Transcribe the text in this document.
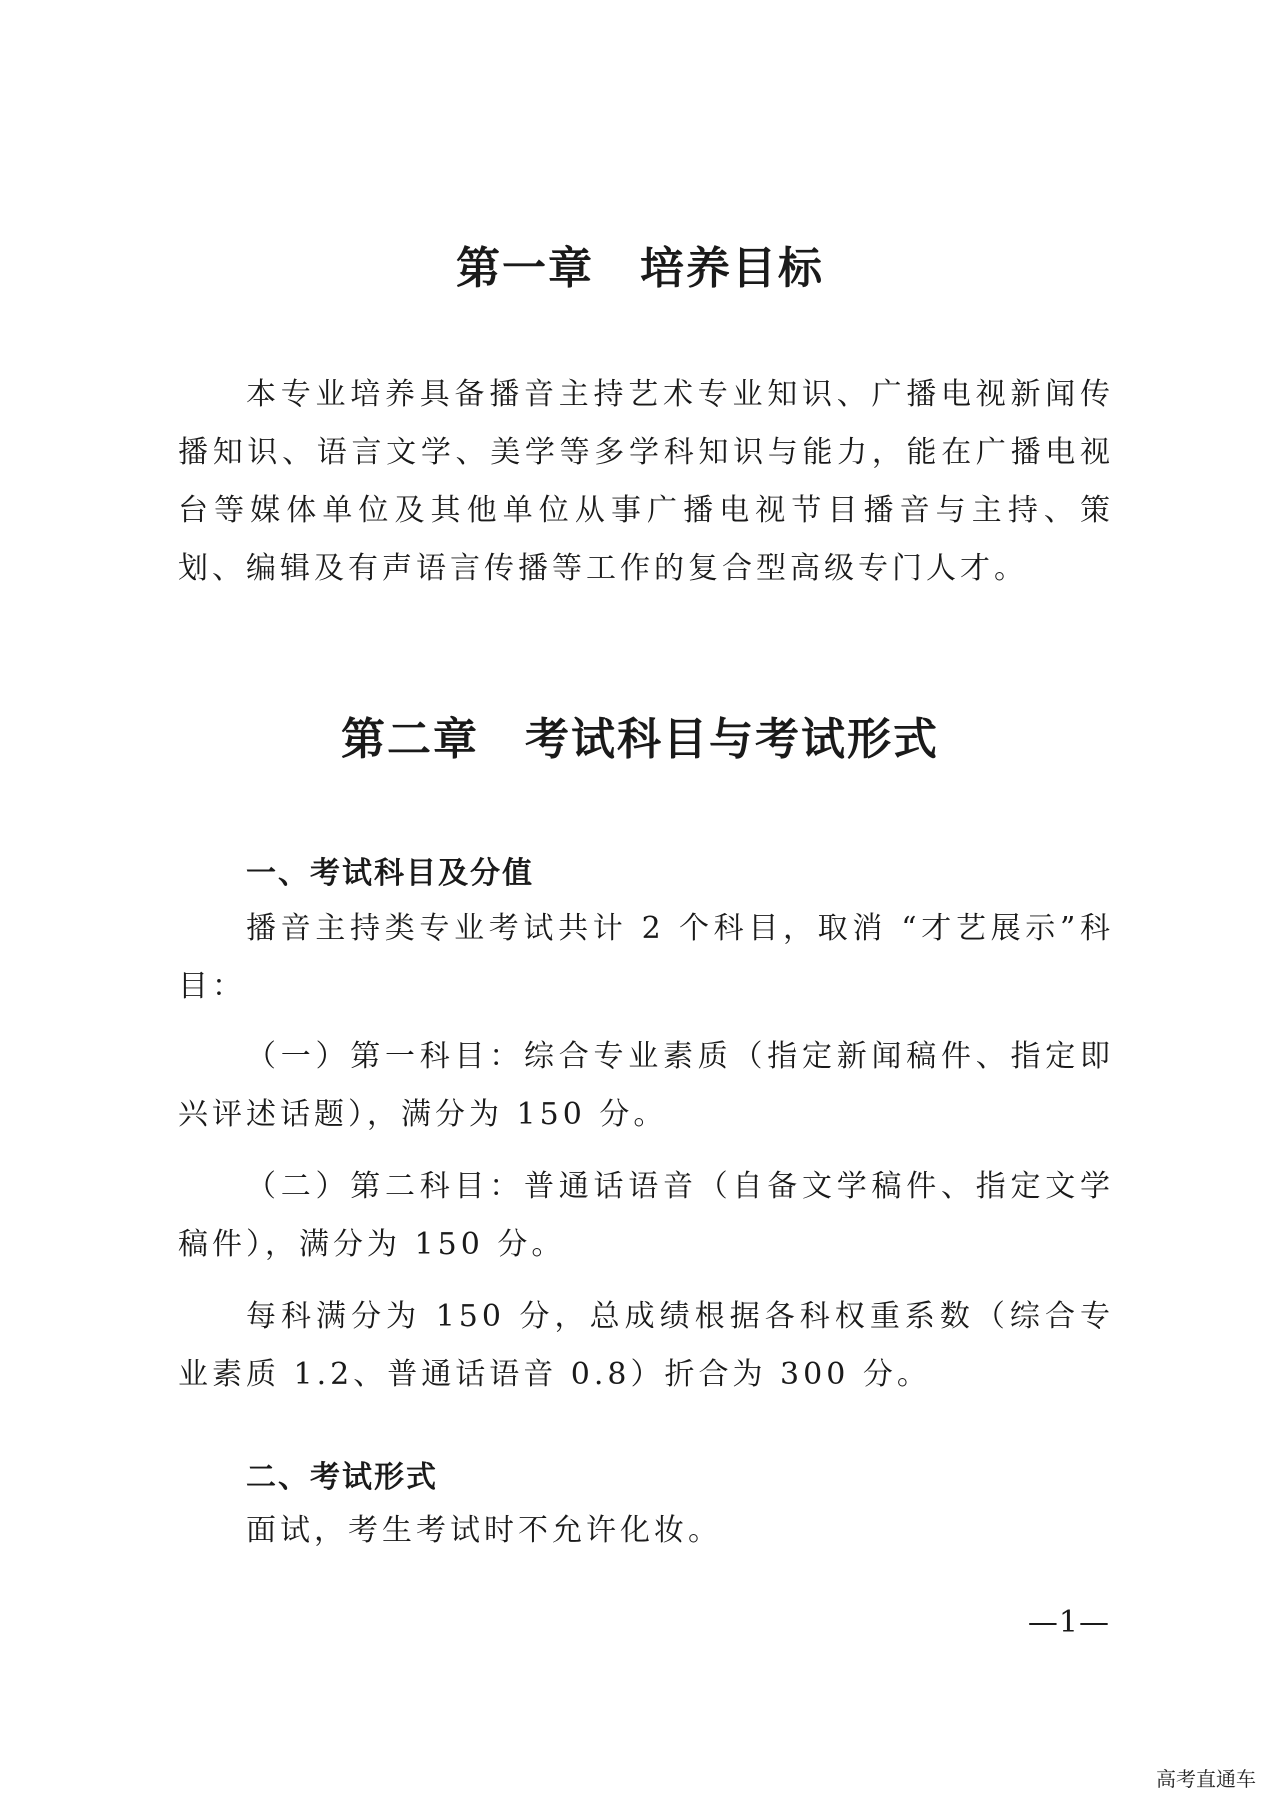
第一章　培养目标

本专业培养具备播音主持艺术专业知识、广播电视新闻传播知识、语言文学、美学等多学科知识与能力，能在广播电视台等媒体单位及其他单位从事广播电视节目播音与主持、策划、编辑及有声语言传播等工作的复合型高级专门人才。

第二章　考试科目与考试形式
一、考试科目及分值

播音主持类专业考试共计 2 个科目，取消 “才艺展示”科目：

（一）第一科目：综合专业素质（指定新闻稿件、指定即兴评述话题），满分为 150 分。

（二）第二科目：普通话语音（自备文学稿件、指定文学稿件），满分为 150 分。

每科满分为 150 分，总成绩根据各科权重系数（综合专业素质 1.2、普通话语音 0.8）折合为 300 分。

二、考试形式

面试，考生考试时不允许化妆。

—1—
高考直通车
